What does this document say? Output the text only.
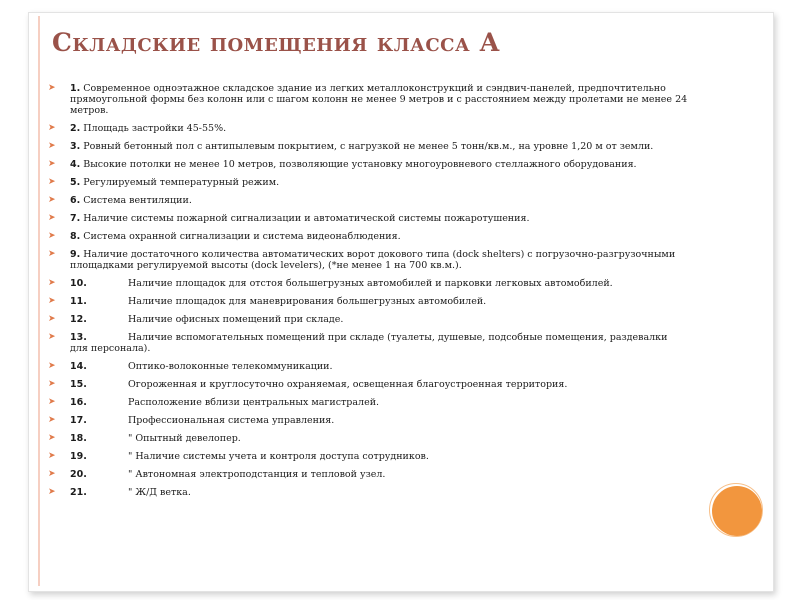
Складские помещения класса А
➤ 1. Современное одноэтажное складское здание из легких металлоконструкций и сэндвич-панелей, предпочтительно прямоугольной формы без колонн или с шагом колонн не менее 9 метров и с расстоянием между пролетами не менее 24 метров.
➤ 2. Площадь застройки 45-55%.
➤ 3. Ровный бетонный пол с антипылевым покрытием, с нагрузкой не менее 5 тонн/кв.м., на уровне 1,20 м от земли.
➤ 4. Высокие потолки не менее 10 метров, позволяющие установку многоуровневого стеллажного оборудования.
➤ 5. Регулируемый температурный режим.
➤ 6. Система вентиляции.
➤ 7. Наличие системы пожарной сигнализации и автоматической системы пожаротушения.
➤ 8. Система охранной сигнализации и система видеонаблюдения.
➤ 9. Наличие достаточного количества автоматических ворот докового типа (dock shelters) с погрузочно-разгрузочными площадками регулируемой высоты (dock levelers), (*не менее 1 на 700 кв.м.).
➤ 10.	Наличие площадок для отстоя большегрузных автомобилей и парковки легковых автомобилей.
➤ 11.	Наличие площадок для маневрирования большегрузных автомобилей.
➤ 12.	Наличие офисных помещений при складе.
➤ 13.	Наличие вспомогательных помещений при складе (туалеты, душевые, подсобные помещения, раздевалки для персонала).
➤ 14.	Оптико-волоконные телекоммуникации.
➤ 15.	Огороженная и круглосуточно охраняемая, освещенная благоустроенная территория.
➤ 16.	Расположение вблизи центральных магистралей.
➤ 17.	Профессиональная система управления.
➤ 18.	" Опытный девелопер.
➤ 19.	" Наличие системы учета и контроля доступа сотрудников.
➤ 20.	" Автономная электроподстанция и тепловой узел.
➤ 21.	" Ж/Д ветка.
